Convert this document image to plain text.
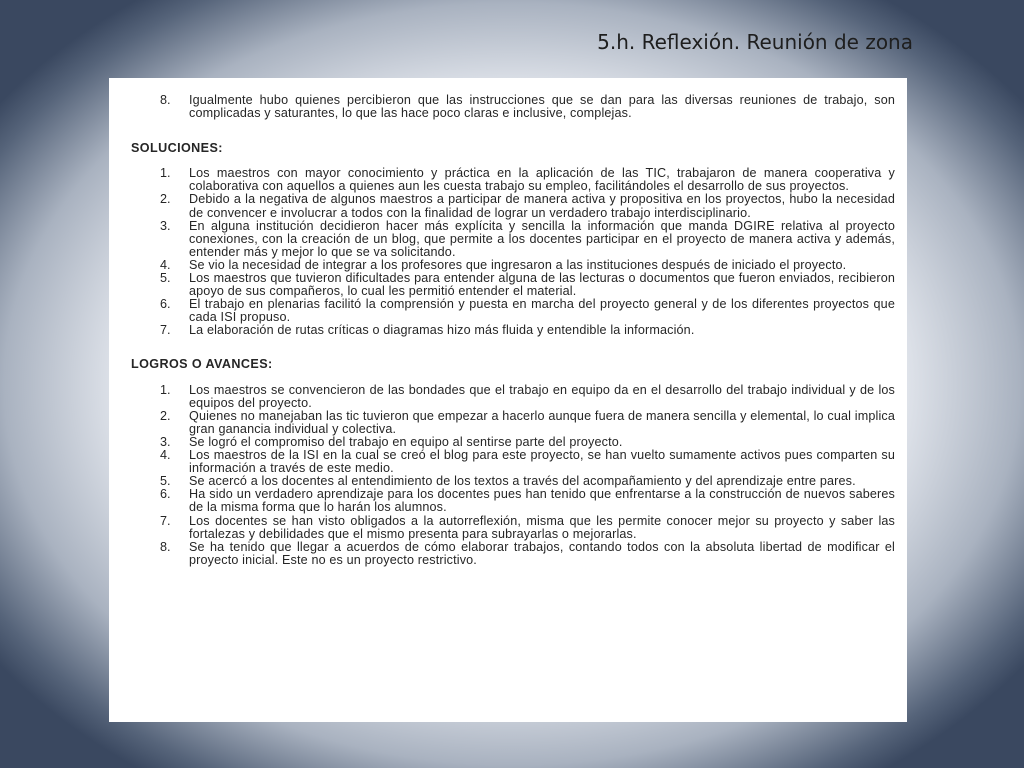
5.h. Reflexión. Reunión de zona
8.	Igualmente hubo quienes percibieron que las instrucciones que se dan para las diversas reuniones de trabajo, son complicadas y saturantes, lo que las hace poco claras e inclusive, complejas.
SOLUCIONES:
1.	Los maestros con mayor conocimiento y práctica en la aplicación de las TIC, trabajaron de manera cooperativa y colaborativa con aquellos a quienes aun les cuesta trabajo su empleo, facilitándoles el desarrollo de sus proyectos.
2.	Debido a la negativa de algunos maestros a participar de manera activa y propositiva en los proyectos, hubo la necesidad de convencer e involucrar a todos con la finalidad de lograr un verdadero trabajo interdisciplinario.
3.	En alguna institución decidieron hacer más explícita y sencilla la información que manda DGIRE relativa al proyecto conexiones, con la creación de un blog, que permite a los docentes participar en el proyecto de manera activa y además, entender más y mejor lo que se va solicitando.
4.	Se vio la necesidad de integrar a los profesores que ingresaron a las instituciones después de iniciado el proyecto.
5.	Los maestros que tuvieron dificultades para entender alguna de las lecturas o documentos que fueron enviados, recibieron apoyo de sus compañeros, lo cual les permitió entender el material.
6.	El trabajo en plenarias facilitó la comprensión y puesta en marcha del proyecto general y de los diferentes proyectos que cada ISI propuso.
7.	La elaboración de rutas críticas o diagramas hizo más fluida y entendible la información.
LOGROS O AVANCES:
1.	Los maestros se convencieron de las bondades que el trabajo en equipo da en el desarrollo del trabajo individual y de los equipos del proyecto.
2.	Quienes no manejaban las tic tuvieron que empezar a hacerlo aunque fuera de manera sencilla y elemental, lo cual implica gran ganancia individual y colectiva.
3.	Se logró el compromiso del trabajo en equipo al sentirse parte del proyecto.
4.	Los maestros de la ISI en la cual se creó el blog para este proyecto, se han vuelto sumamente activos pues comparten su información a través de este medio.
5.	Se acercó a los docentes al entendimiento de los textos a través del acompañamiento y del aprendizaje entre pares.
6.	Ha sido un verdadero aprendizaje para los docentes pues han tenido que enfrentarse a la construcción de nuevos saberes de la misma forma que lo harán los alumnos.
7.	Los docentes se han visto obligados a la autorreflexión, misma que les permite conocer mejor su proyecto y saber las fortalezas y debilidades que el mismo presenta para subrayarlas o mejorarlas.
8.	Se ha tenido que llegar a acuerdos de cómo elaborar trabajos, contando todos con la absoluta libertad de modificar el proyecto inicial. Este no es un proyecto restrictivo.
